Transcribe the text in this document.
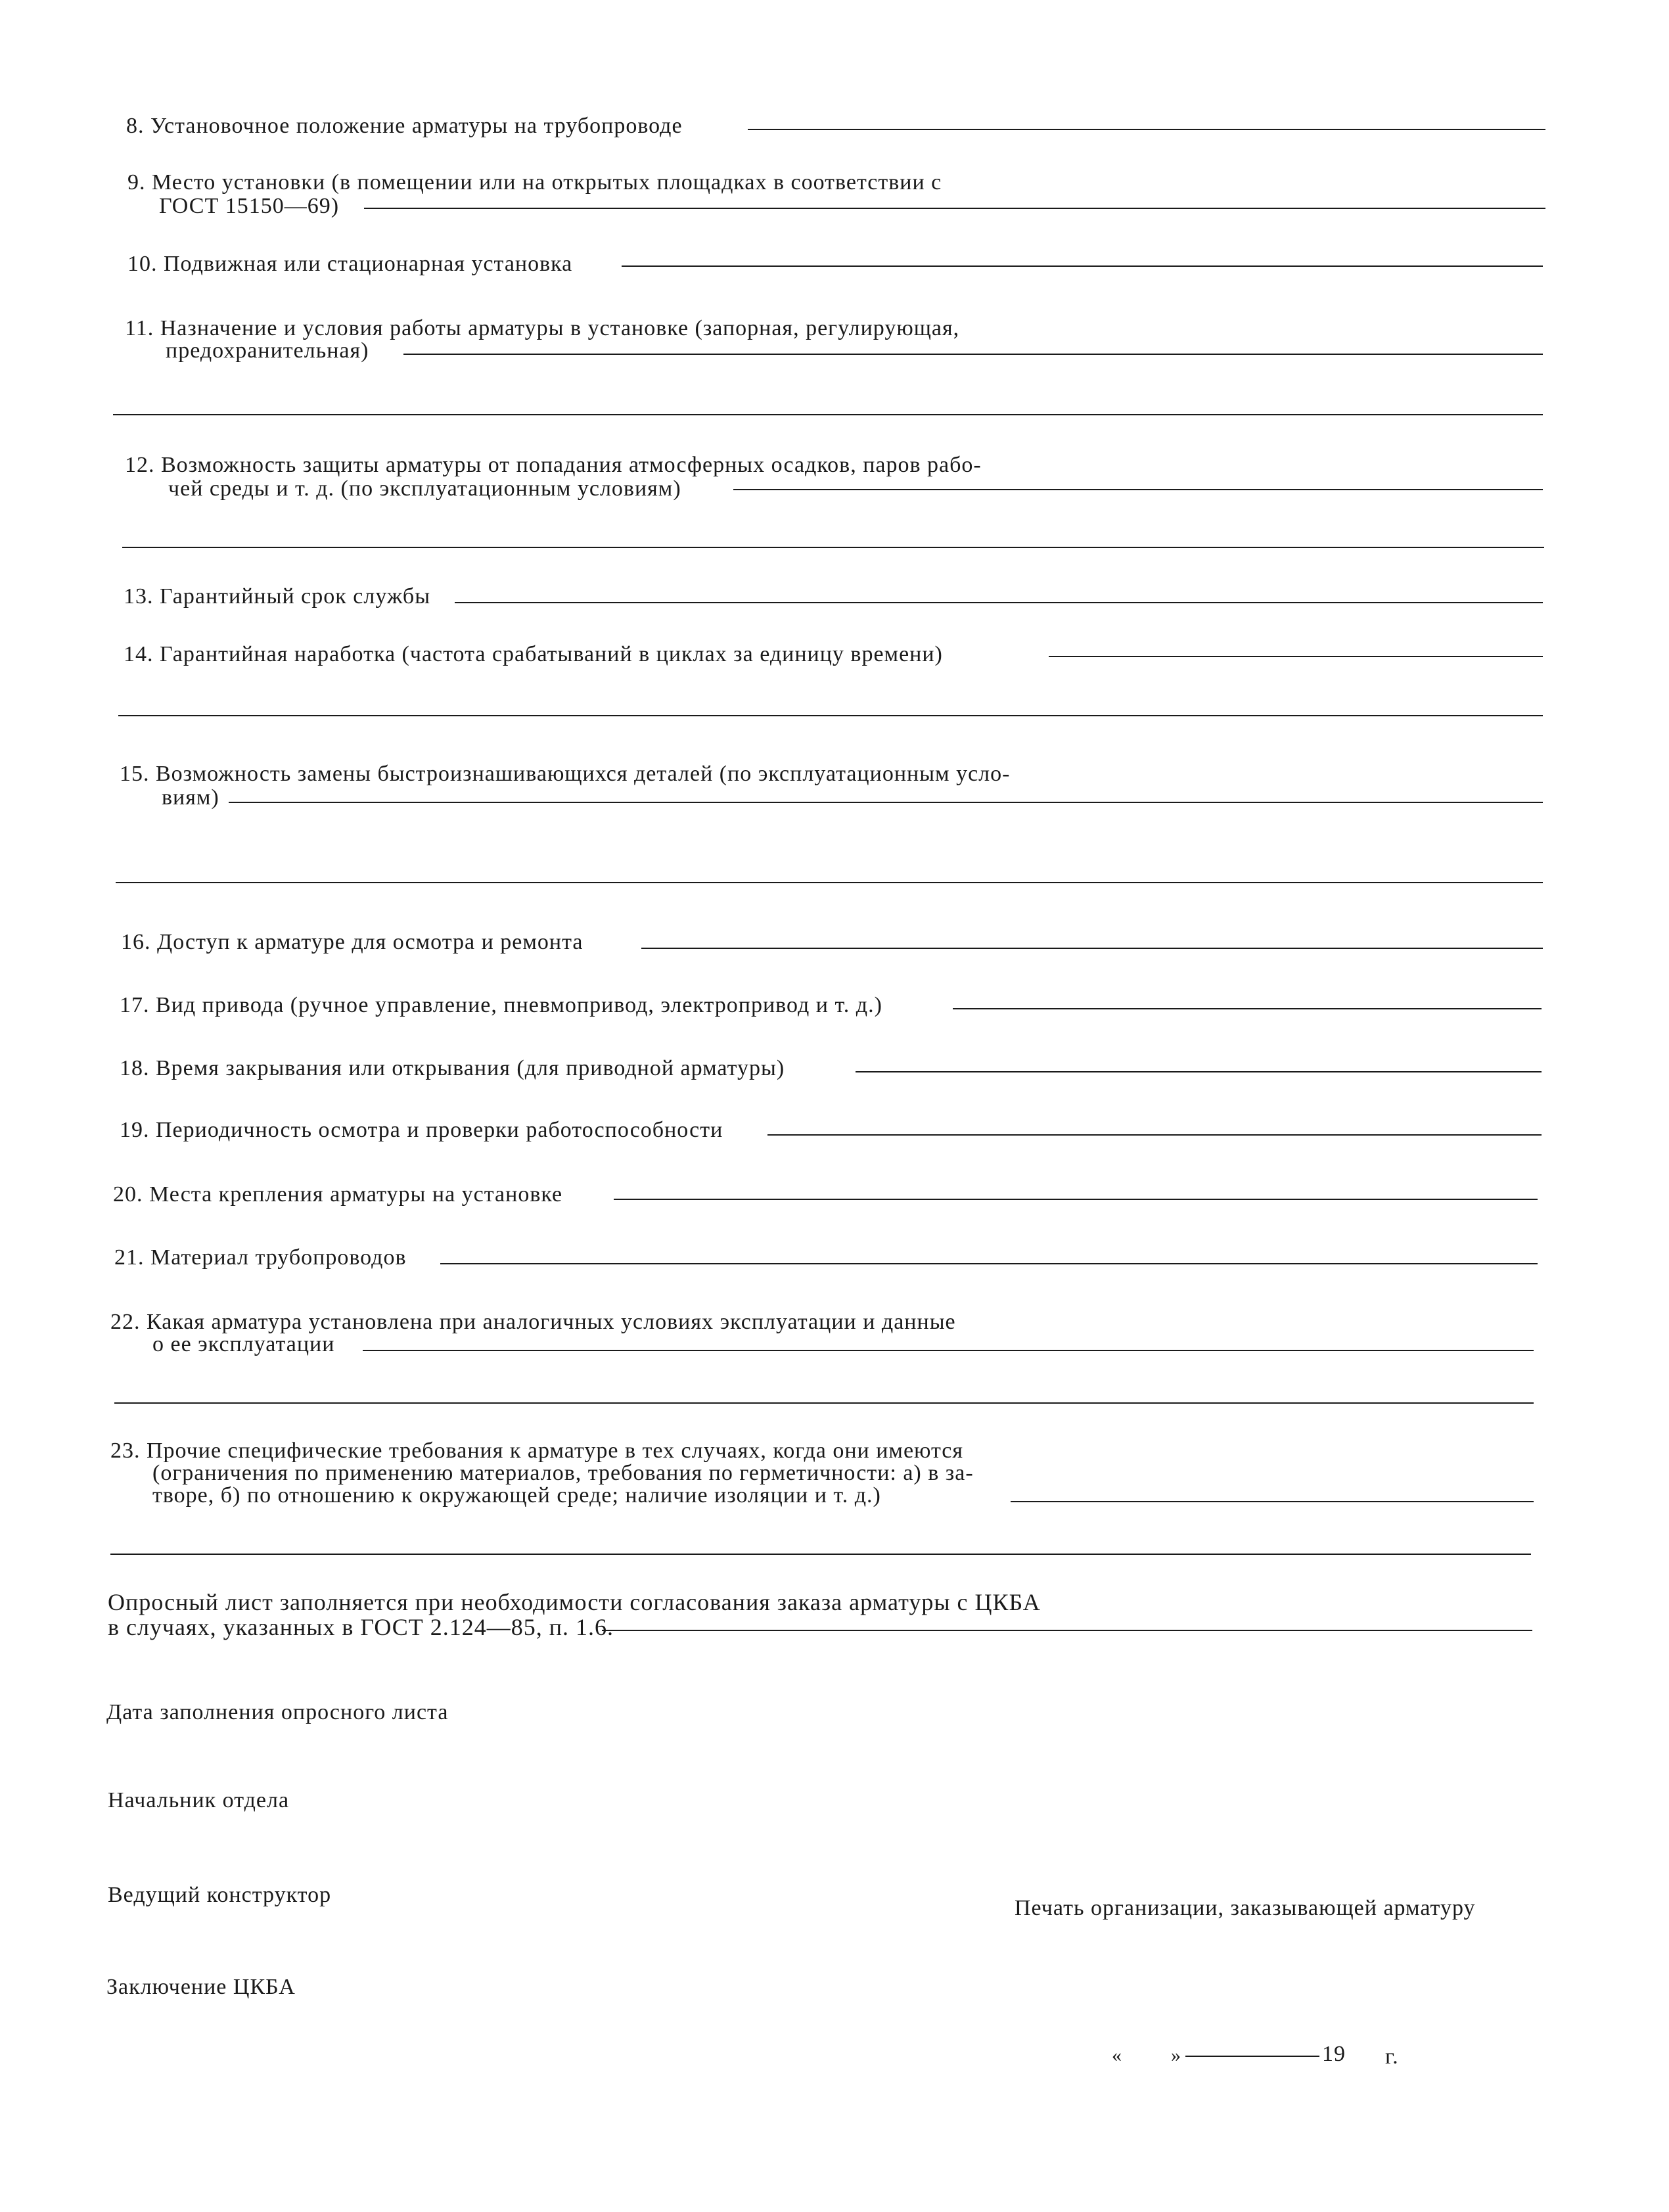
8. Установочное положение арматуры на трубопроводе
9. Место установки (в помещении или на открытых площадках в соответствии с
ГОСТ 15150—69)
10. Подвижная или стационарная установка
11. Назначение и условия работы арматуры в установке (запорная, регулирующая,
предохранительная)
12. Возможность защиты арматуры от попадания атмосферных осадков, паров рабо-
чей среды и т. д. (по эксплуатационным условиям)
13. Гарантийный срок службы
14. Гарантийная наработка (частота срабатываний в циклах за единицу времени)
15. Возможность замены быстроизнашивающихся деталей (по эксплуатационным усло-
виям)
16. Доступ к арматуре для осмотра и ремонта
17. Вид привода (ручное управление, пневмопривод, электропривод и т. д.)
18. Время закрывания или открывания (для приводной арматуры)
19. Периодичность осмотра и проверки работоспособности
20. Места крепления арматуры на установке
21. Материал трубопроводов
22. Какая арматура установлена при аналогичных условиях эксплуатации и данные
о ее эксплуатации
23. Прочие специфические требования к арматуре в тех случаях, когда они имеются
(ограничения по применению материалов, требования по герметичности: а) в за-
творе, б) по отношению к окружающей среде; наличие изоляции и т. д.)
Опросный лист заполняется при необходимости согласования заказа арматуры с ЦКБА
в случаях, указанных в ГОСТ 2.124—85, п. 1.6.
Дата заполнения опросного листа
Начальник отдела
Ведущий конструктор
Печать организации, заказывающей арматуру
Заключение ЦКБА
« »	19 г.
